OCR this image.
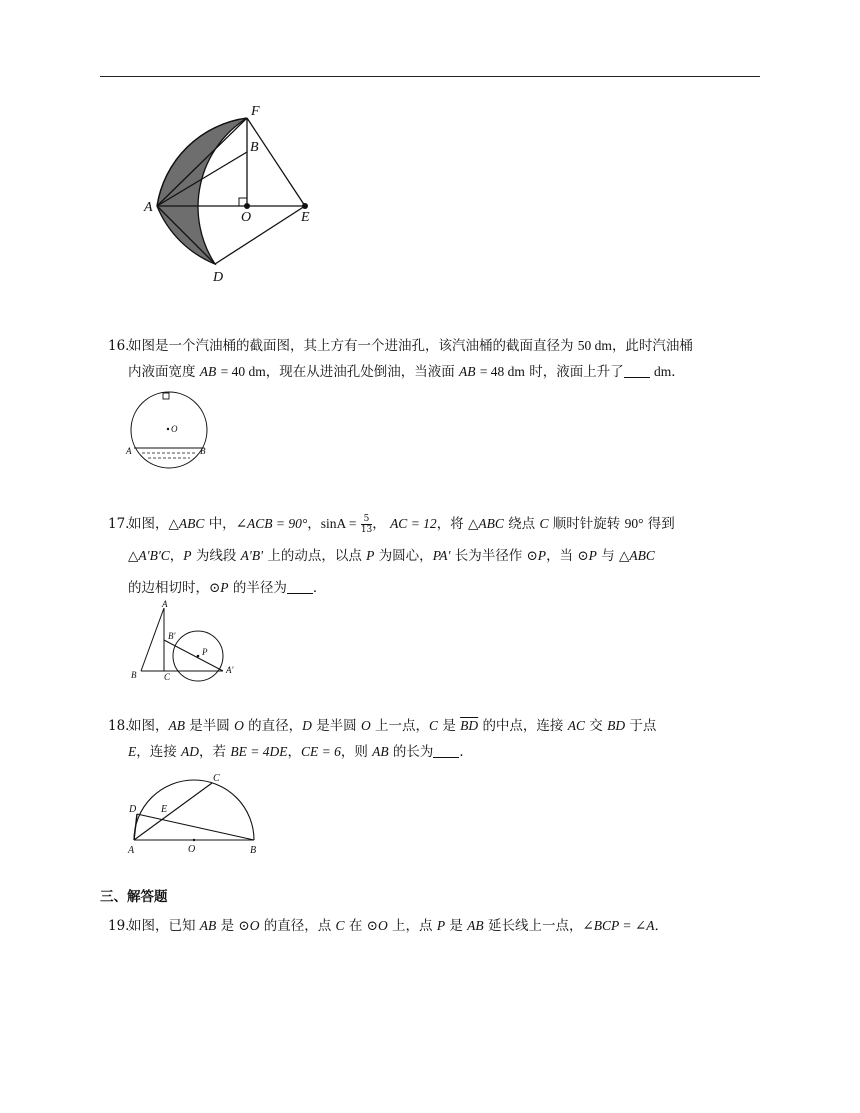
F
B
A
O	E
D
16.如图是一个汽油桶的截面图，其上方有一个进油孔，该汽油桶的截面直径为 50 dm，此时汽油桶
内液面宽度 AB = 40 dm，现在从进油孔处倒油，当液面 AB = 48 dm 时，液面上升了 dm．
O
A	B
17.如图，△ABC 中，∠ACB = 90°，$\sin A = \frac{5}{13}$ ， AC = 12，将 △ABC 绕点 C 顺时针旋转 90° 得到
△A′B′C，P 为线段 A′B′ 上的动点，以点 P 为圆心，PA′ 长为半径作 ⊙P，当 ⊙P 与 △ABC
的边相切时，⊙P 的半径为 ．
A
B′
P
A′
B	C
18.如图，AB 是半圆 O 的直径，D 是半圆 O 上一点，C 是 $\overline{BD}$ 的中点，连接 AC 交 BD 于点
E，连接 AD，若 BE = 4DE，CE = 6，则 AB 的长为 ．
C
D E
A	O	B
三、解答题
19.如图，已知 AB 是 ⊙O 的直径，点 C 在 ⊙O 上，点 P 是 AB 延长线上一点，∠BCP = ∠A．
